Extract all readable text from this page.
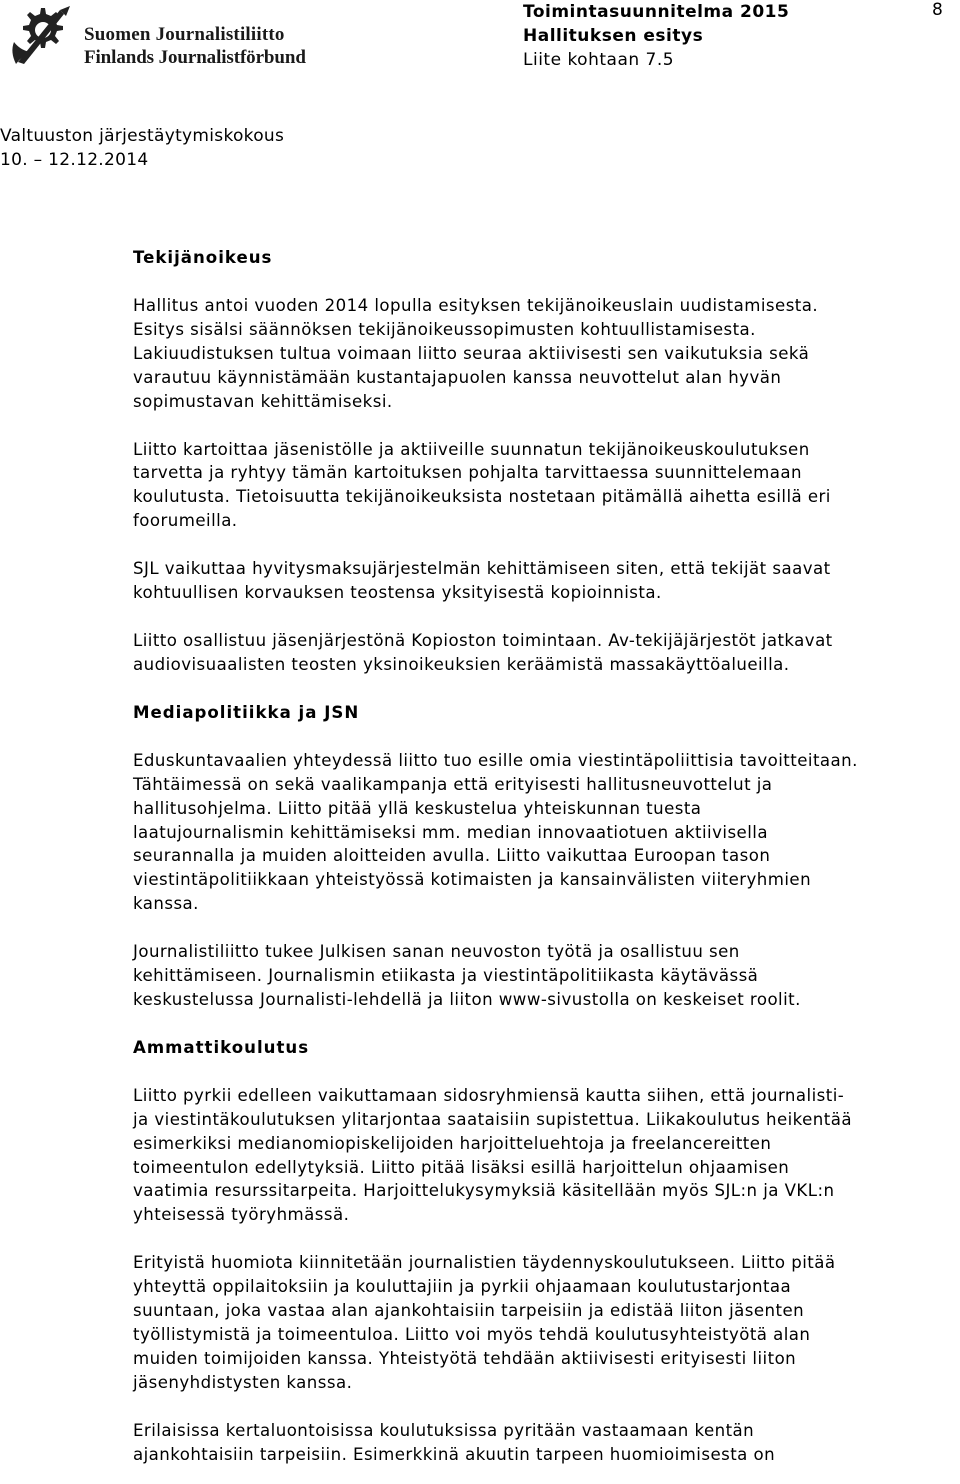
Suomen Journalistiliitto
Finlands Journalistförbund
Toimintasuunnitelma 2015
Hallituksen esitys
Liite kohtaan 7.5
8
Valtuuston järjestäytymiskokous
10. – 12.12.2014
Tekijänoikeus
Hallitus antoi vuoden 2014 lopulla esityksen tekijänoikeuslain uudistamisesta.
Esitys sisälsi säännöksen tekijänoikeussopimusten kohtuullistamisesta.
Lakiuudistuksen tultua voimaan liitto seuraa aktiivisesti sen vaikutuksia sekä
varautuu käynnistämään kustantajapuolen kanssa neuvottelut alan hyvän
sopimustavan kehittämiseksi.
Liitto kartoittaa jäsenistölle ja aktiiveille suunnatun tekijänoikeuskoulutuksen
tarvetta ja ryhtyy tämän kartoituksen pohjalta tarvittaessa suunnittelemaan
koulutusta. Tietoisuutta tekijänoikeuksista nostetaan pitämällä aihetta esillä eri
foorumeilla.
SJL vaikuttaa hyvitysmaksujärjestelmän kehittämiseen siten, että tekijät saavat
kohtuullisen korvauksen teostensa yksityisestä kopioinnista.
Liitto osallistuu jäsenjärjestönä Kopioston toimintaan. Av-tekijäjärjestöt jatkavat
audiovisuaalisten teosten yksinoikeuksien keräämistä massakäyttöalueilla.
Mediapolitiikka ja JSN
Eduskuntavaalien yhteydessä liitto tuo esille omia viestintäpoliittisia tavoitteitaan.
Tähtäimessä on sekä vaalikampanja että erityisesti hallitusneuvottelut ja
hallitusohjelma. Liitto pitää yllä keskustelua yhteiskunnan tuesta
laatujournalismin kehittämiseksi mm. median innovaatiotuen aktiivisella
seurannalla ja muiden aloitteiden avulla. Liitto vaikuttaa Euroopan tason
viestintäpolitiikkaan yhteistyössä kotimaisten ja kansainvälisten viiteryhmien
kanssa.
Journalistiliitto tukee Julkisen sanan neuvoston työtä ja osallistuu sen
kehittämiseen. Journalismin etiikasta ja viestintäpolitiikasta käytävässä
keskustelussa Journalisti-lehdellä ja liiton www-sivustolla on keskeiset roolit.
Ammattikoulutus
Liitto pyrkii edelleen vaikuttamaan sidosryhmiensä kautta siihen, että journalisti-
ja viestintäkoulutuksen ylitarjontaa saataisiin supistettua. Liikakoulutus heikentää
esimerkiksi medianomiopiskelijoiden harjoitteluehtoja ja freelancereitten
toimeentulon edellytyksiä. Liitto pitää lisäksi esillä harjoittelun ohjaamisen
vaatimia resurssitarpeita. Harjoittelukysymyksiä käsitellään myös SJL:n ja VKL:n
yhteisessä työryhmässä.
Erityistä huomiota kiinnitetään journalistien täydennyskoulutukseen. Liitto pitää
yhteyttä oppilaitoksiin ja kouluttajiin ja pyrkii ohjaamaan koulutustarjontaa
suuntaan, joka vastaa alan ajankohtaisiin tarpeisiin ja edistää liiton jäsenten
työllistymistä ja toimeentuloa. Liitto voi myös tehdä koulutusyhteistyötä alan
muiden toimijoiden kanssa. Yhteistyötä tehdään aktiivisesti erityisesti liiton
jäsenyhdistysten kanssa.
Erilaisissa kertaluontoisissa koulutuksissa pyritään vastaamaan kentän
ajankohtaisiin tarpeisiin. Esimerkkinä akuutin tarpeen huomioimisesta on
